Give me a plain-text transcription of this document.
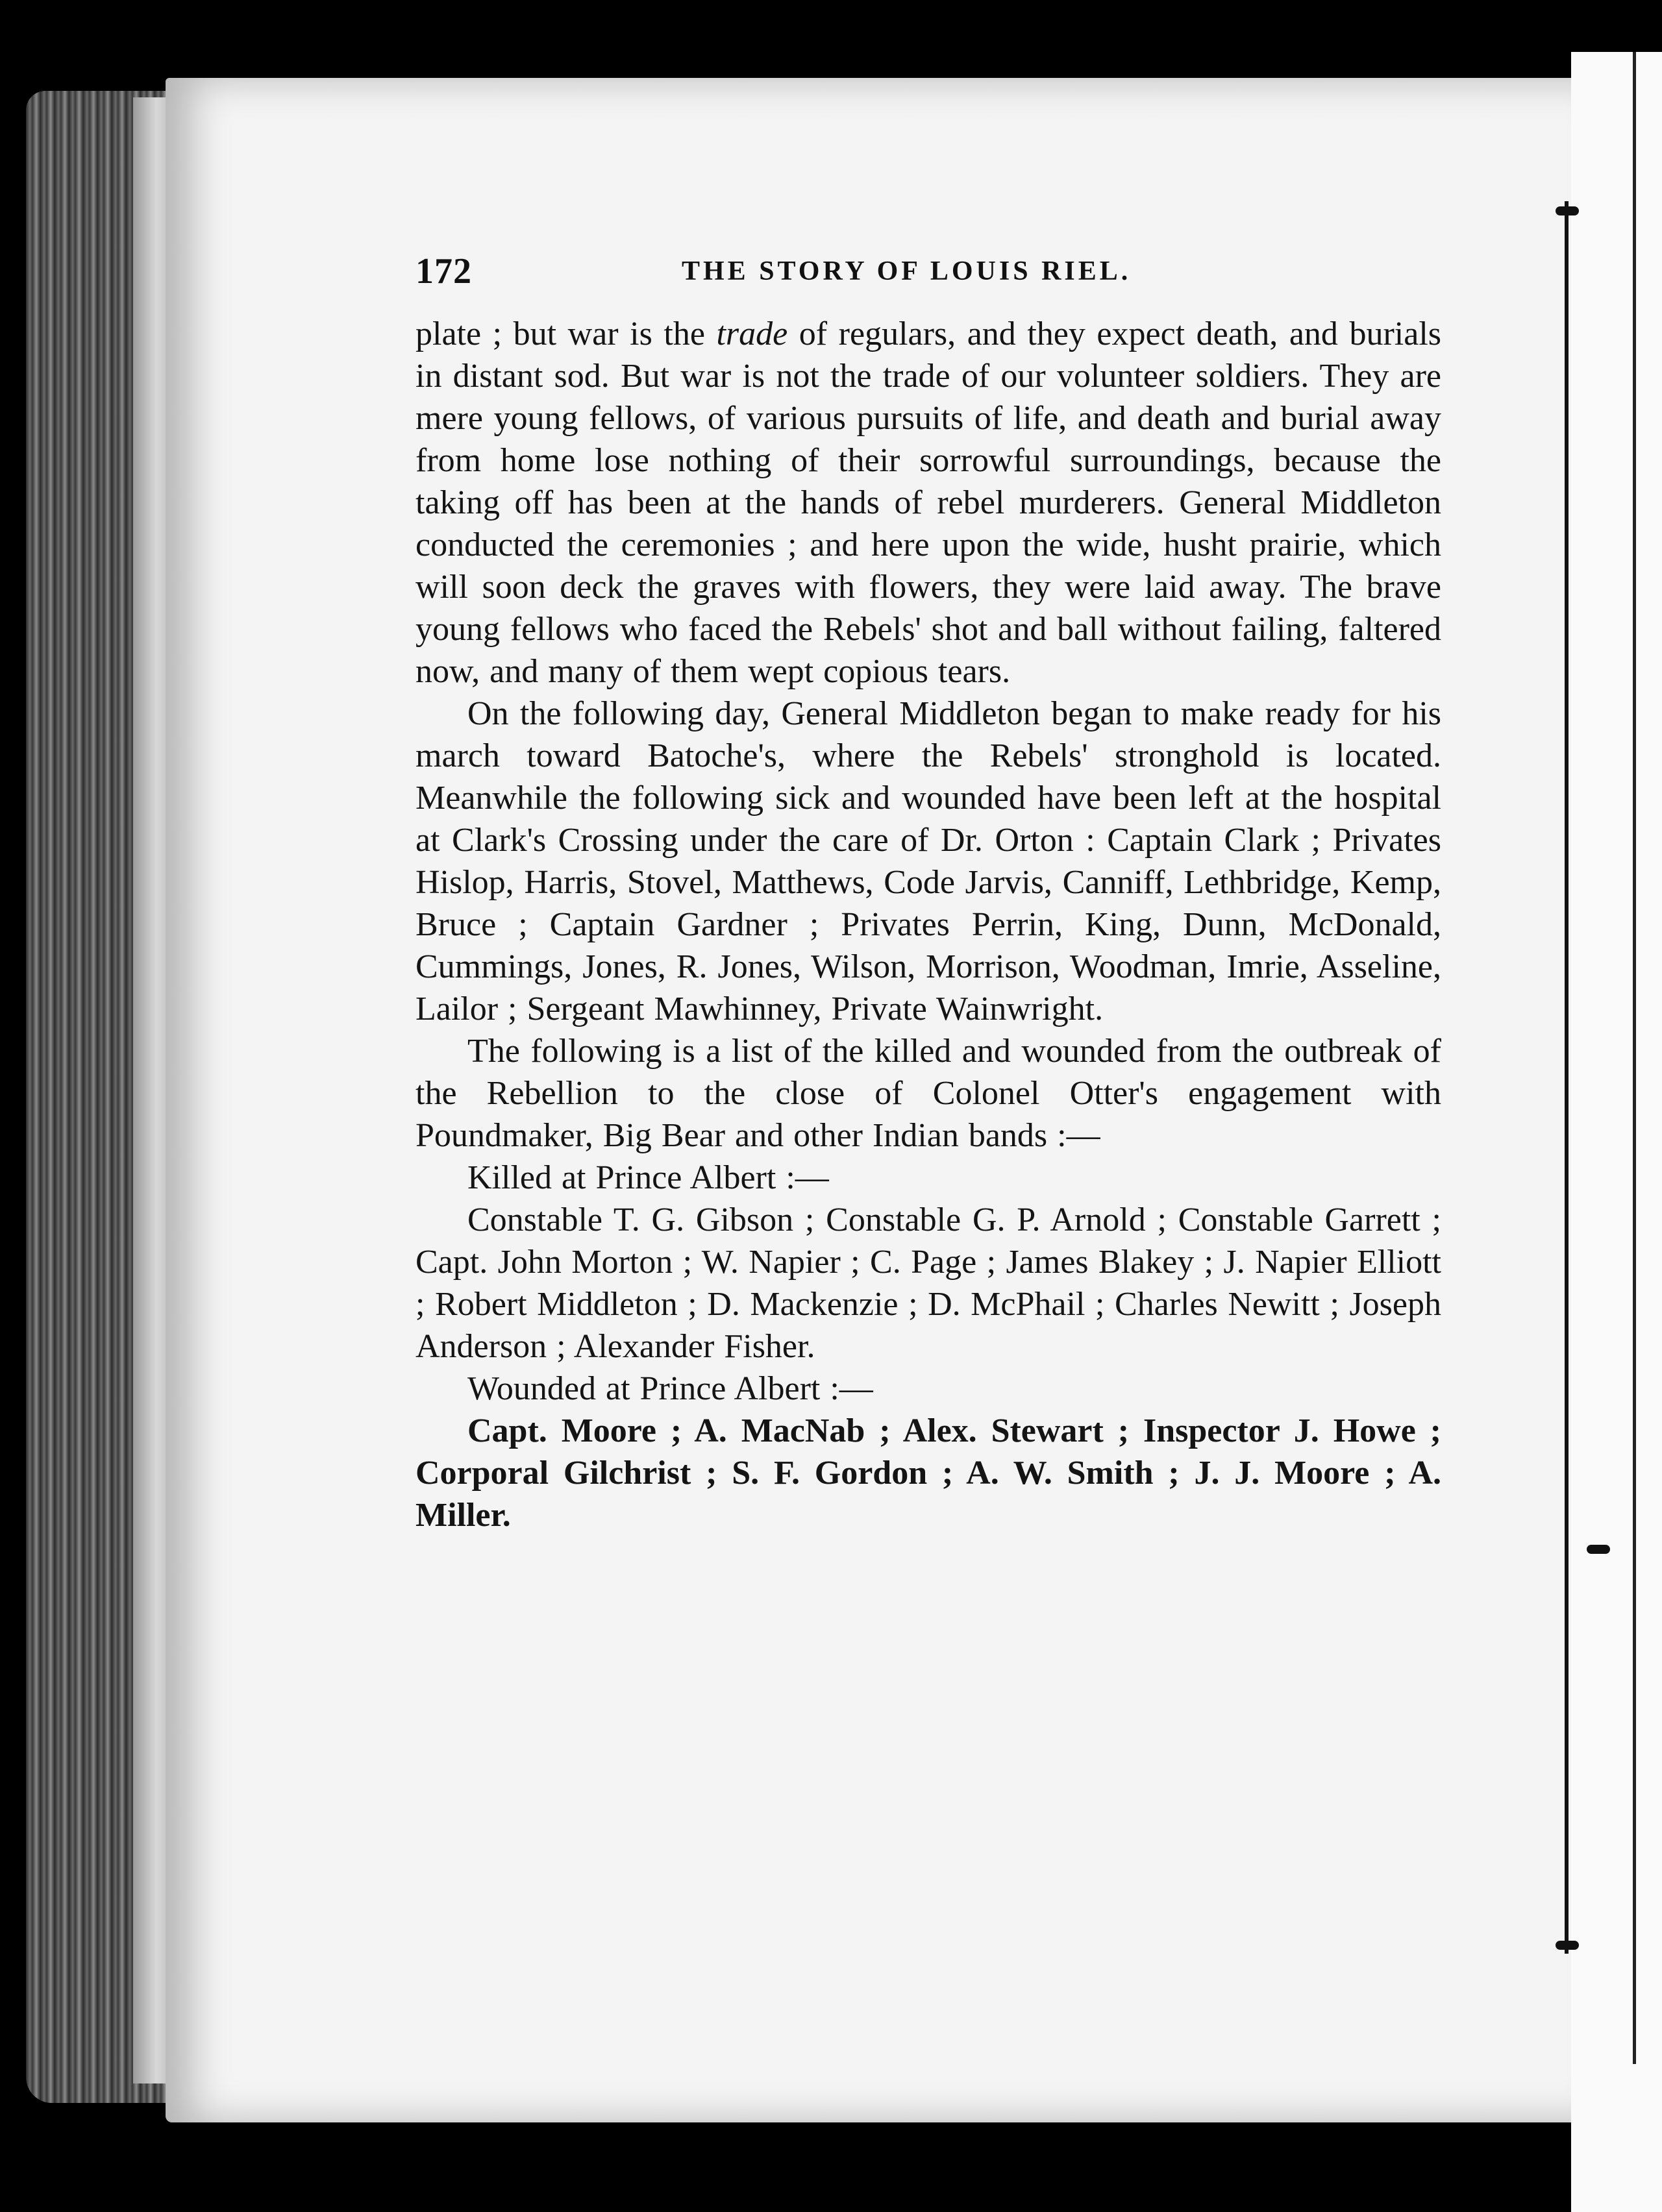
172	THE STORY OF LOUIS RIEL.

plate ; but war is the trade of regulars, and they expect death, and burials in distant sod. But war is not the trade of our volunteer soldiers. They are mere young fellows, of various pursuits of life, and death and burial away from home lose nothing of their sorrowful surroundings, because the taking off has been at the hands of rebel murderers. General Middleton conducted the ceremonies ; and here upon the wide, husht prairie, which will soon deck the graves with flowers, they were laid away. The brave young fellows who faced the Rebels' shot and ball without failing, faltered now, and many of them wept copious tears.

On the following day, General Middleton began to make ready for his march toward Batoche's, where the Rebels' stronghold is located. Meanwhile the following sick and wounded have been left at the hospital at Clark's Crossing under the care of Dr. Orton : Captain Clark ; Privates Hislop, Harris, Stovel, Matthews, Code Jarvis, Canniff, Lethbridge, Kemp, Bruce ; Captain Gardner ; Privates Perrin, King, Dunn, McDonald, Cummings, Jones, R. Jones, Wilson, Morrison, Woodman, Imrie, Asseline, Lailor ; Sergeant Mawhinney, Private Wainwright.

The following is a list of the killed and wounded from the outbreak of the Rebellion to the close of Colonel Otter's engagement with Poundmaker, Big Bear and other Indian bands :—

Killed at Prince Albert :—

Constable T. G. Gibson ; Constable G. P. Arnold ; Constable Garrett ; Capt. John Morton ; W. Napier ; C. Page ; James Blakey ; J. Napier Elliott ; Robert Middleton ; D. Mackenzie ; D. McPhail ; Charles Newitt ; Joseph Anderson ; Alexander Fisher.

Wounded at Prince Albert :—

Capt. Moore ; A. MacNab ; Alex. Stewart ; Inspector J. Howe ; Corporal Gilchrist ; S. F. Gordon ; A. W. Smith ; J. J. Moore ; A. Miller.
